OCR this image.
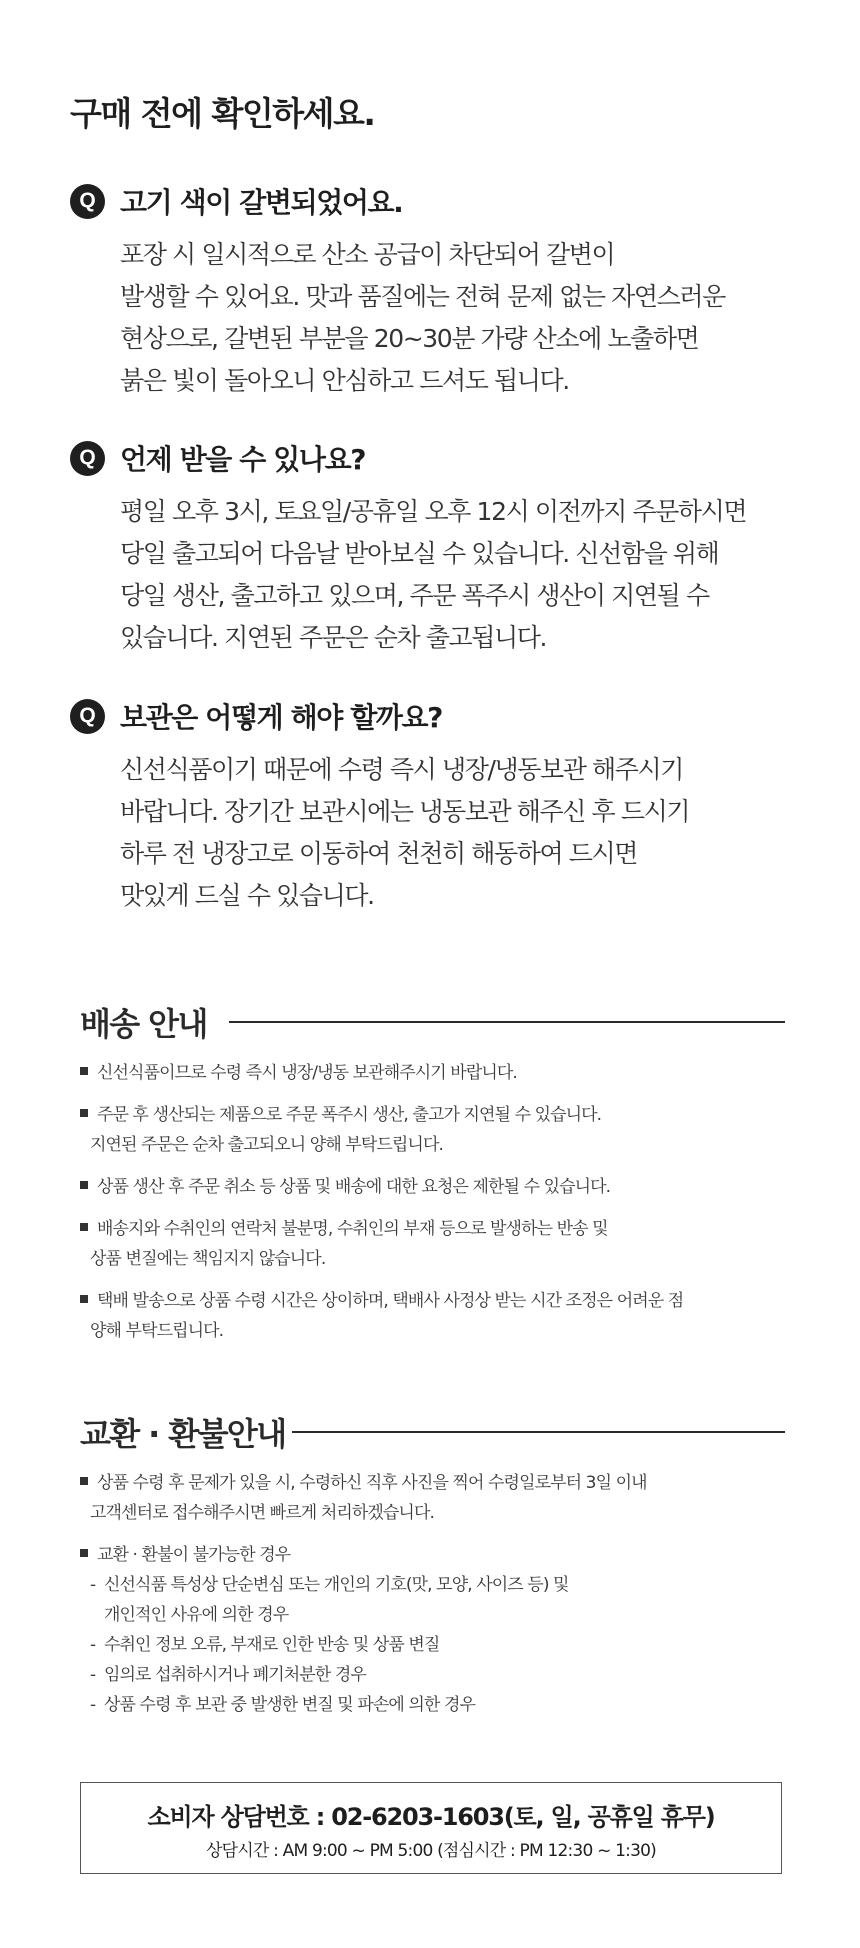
구매 전에 확인하세요.
Q 고기 색이 갈변되었어요.
포장 시 일시적으로 산소 공급이 차단되어 갈변이
발생할 수 있어요. 맛과 품질에는 전혀 문제 없는 자연스러운
현상으로, 갈변된 부분을 20~30분 가량 산소에 노출하면
붉은 빛이 돌아오니 안심하고 드셔도 됩니다.
Q 언제 받을 수 있나요?
평일 오후 3시, 토요일/공휴일 오후 12시 이전까지 주문하시면
당일 출고되어 다음날 받아보실 수 있습니다. 신선함을 위해
당일 생산, 출고하고 있으며, 주문 폭주시 생산이 지연될 수
있습니다. 지연된 주문은 순차 출고됩니다.
Q 보관은 어떻게 해야 할까요?
신선식품이기 때문에 수령 즉시 냉장/냉동보관 해주시기
바랍니다. 장기간 보관시에는 냉동보관 해주신 후 드시기
하루 전 냉장고로 이동하여 천천히 해동하여 드시면
맛있게 드실 수 있습니다.
배송 안내
신선식품이므로 수령 즉시 냉장/냉동 보관해주시기 바랍니다.
주문 후 생산되는 제품으로 주문 폭주시 생산, 출고가 지연될 수 있습니다.
지연된 주문은 순차 출고되오니 양해 부탁드립니다.
상품 생산 후 주문 취소 등 상품 및 배송에 대한 요청은 제한될 수 있습니다.
배송지와 수취인의 연락처 불분명, 수취인의 부재 등으로 발생하는 반송 및
상품 변질에는 책임지지 않습니다.
택배 발송으로 상품 수령 시간은 상이하며, 택배사 사정상 받는 시간 조정은 어려운 점
양해 부탁드립니다.
교환 · 환불안내
상품 수령 후 문제가 있을 시, 수령하신 직후 사진을 찍어 수령일로부터 3일 이내
고객센터로 접수해주시면 빠르게 처리하겠습니다.
교환 · 환불이 불가능한 경우
- 신선식품 특성상 단순변심 또는 개인의 기호(맛, 모양, 사이즈 등) 및
개인적인 사유에 의한 경우
- 수취인 정보 오류, 부재로 인한 반송 및 상품 변질
- 임의로 섭취하시거나 폐기처분한 경우
- 상품 수령 후 보관 중 발생한 변질 및 파손에 의한 경우
소비자 상담번호 : 02-6203-1603(토, 일, 공휴일 휴무)
상담시간 : AM 9:00 ~ PM 5:00 (점심시간 : PM 12:30 ~ 1:30)
